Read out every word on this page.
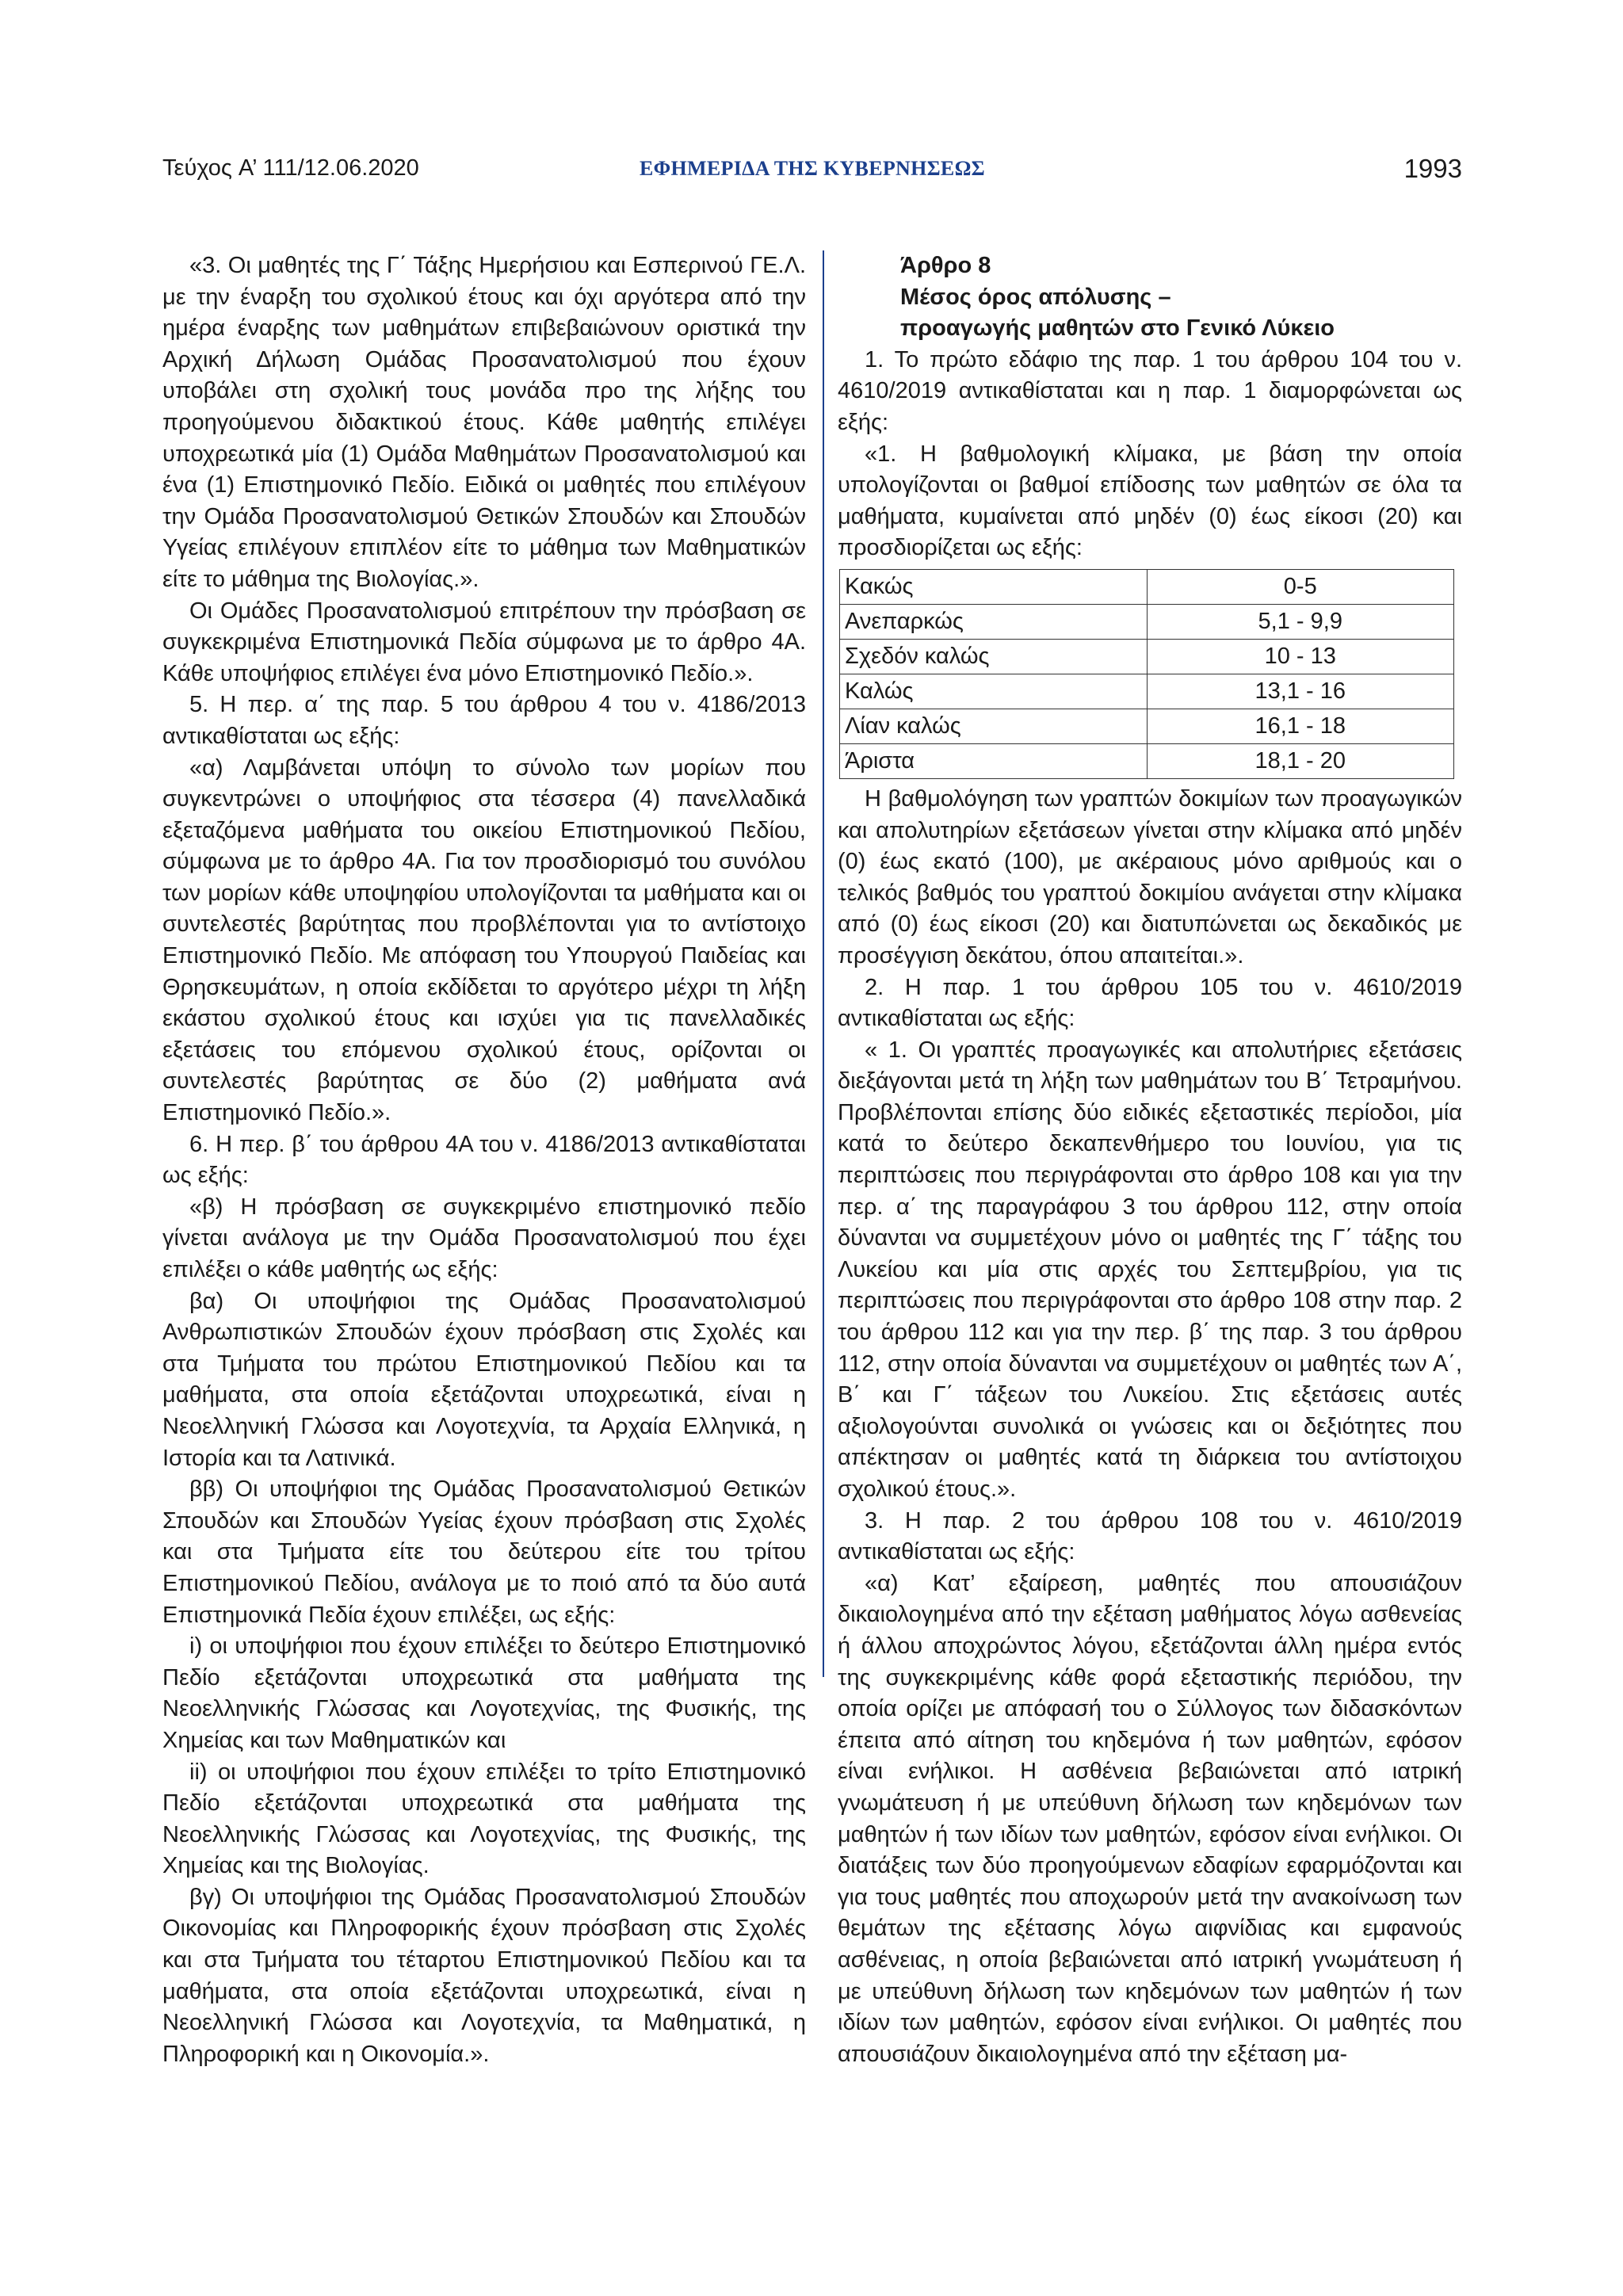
Τεύχος A’ 111/12.06.2020	ΕΦΗΜΕΡΙΔΑ ΤΗΣ ΚΥΒΕΡΝΗΣΕΩΣ	1993

«3. Οι μαθητές της Γ΄ Τάξης Ημερήσιου και Εσπερινού ΓΕ.Λ. με την έναρξη του σχολικού έτους και όχι αργότερα από την ημέρα έναρξης των μαθημάτων επιβεβαιώνουν οριστικά την Αρχική Δήλωση Ομάδας Προσανατολισμού που έχουν υποβάλει στη σχολική τους μονάδα προ της λήξης του προηγούμενου διδακτικού έτους. Κάθε μαθητής επιλέγει υποχρεωτικά μία (1) Ομάδα Μαθημάτων Προσανατολισμού και ένα (1) Επιστημονικό Πεδίο. Ειδικά οι μαθητές που επιλέγουν την Ομάδα Προσανατολισμού Θετικών Σπουδών και Σπουδών Υγείας επιλέγουν επιπλέον είτε το μάθημα των Μαθηματικών είτε το μάθημα της Βιολογίας.».

Οι Ομάδες Προσανατολισμού επιτρέπουν την πρόσβαση σε συγκεκριμένα Επιστημονικά Πεδία σύμφωνα με το άρθρο 4Α. Κάθε υποψήφιος επιλέγει ένα μόνο Επιστημονικό Πεδίο.».

5. Η περ. α΄ της παρ. 5 του άρθρου 4 του ν. 4186/2013 αντικαθίσταται ως εξής:

«α) Λαμβάνεται υπόψη το σύνολο των μορίων που συγκεντρώνει ο υποψήφιος στα τέσσερα (4) πανελλαδικά εξεταζόμενα μαθήματα του οικείου Επιστημονικού Πεδίου, σύμφωνα με το άρθρο 4Α. Για τον προσδιορισμό του συνόλου των μορίων κάθε υποψηφίου υπολογίζονται τα μαθήματα και οι συντελεστές βαρύτητας που προβλέπονται για το αντίστοιχο Επιστημονικό Πεδίο. Με απόφαση του Υπουργού Παιδείας και Θρησκευμάτων, η οποία εκδίδεται το αργότερο μέχρι τη λήξη εκάστου σχολικού έτους και ισχύει για τις πανελλαδικές εξετάσεις του επόμενου σχολικού έτους, ορίζονται οι συντελεστές βαρύτητας σε δύο (2) μαθήματα ανά Επιστημονικό Πεδίο.».

6. Η περ. β΄ του άρθρου 4Α του ν. 4186/2013 αντικαθίσταται ως εξής:

«β) Η πρόσβαση σε συγκεκριμένο επιστημονικό πεδίο γίνεται ανάλογα με την Ομάδα Προσανατολισμού που έχει επιλέξει ο κάθε μαθητής ως εξής:

βα) Οι υποψήφιοι της Ομάδας Προσανατολισμού Ανθρωπιστικών Σπουδών έχουν πρόσβαση στις Σχολές και στα Τμήματα του πρώτου Επιστημονικού Πεδίου και τα μαθήματα, στα οποία εξετάζονται υποχρεωτικά, είναι η Νεοελληνική Γλώσσα και Λογοτεχνία, τα Αρχαία Ελληνικά, η Ιστορία και τα Λατινικά.

ββ) Οι υποψήφιοι της Ομάδας Προσανατολισμού Θετικών Σπουδών και Σπουδών Υγείας έχουν πρόσβαση στις Σχολές και στα Τμήματα είτε του δεύτερου είτε του τρίτου Επιστημονικού Πεδίου, ανάλογα με το ποιό από τα δύο αυτά Επιστημονικά Πεδία έχουν επιλέξει, ως εξής:

i) οι υποψήφιοι που έχουν επιλέξει το δεύτερο Επιστημονικό Πεδίο εξετάζονται υποχρεωτικά στα μαθήματα της Νεοελληνικής Γλώσσας και Λογοτεχνίας, της Φυσικής, της Χημείας και των Μαθηματικών και

ii) οι υποψήφιοι που έχουν επιλέξει το τρίτο Επιστημονικό Πεδίο εξετάζονται υποχρεωτικά στα μαθήματα της Νεοελληνικής Γλώσσας και Λογοτεχνίας, της Φυσικής, της Χημείας και της Βιολογίας.

βγ) Οι υποψήφιοι της Ομάδας Προσανατολισμού Σπουδών Οικονομίας και Πληροφορικής έχουν πρόσβαση στις Σχολές και στα Τμήματα του τέταρτου Επιστημονικού Πεδίου και τα μαθήματα, στα οποία εξετάζονται υποχρεωτικά, είναι η Νεοελληνική Γλώσσα και Λογοτεχνία, τα Μαθηματικά, η Πληροφορική και η Οικονομία.».

Άρθρο 8
Μέσος όρος απόλυσης –
προαγωγής μαθητών στο Γενικό Λύκειο

1. Το πρώτο εδάφιο της παρ. 1 του άρθρου 104 του ν. 4610/2019 αντικαθίσταται και η παρ. 1 διαμορφώνεται ως εξής:

«1. Η βαθμολογική κλίμακα, με βάση την οποία υπολογίζονται οι βαθμοί επίδοσης των μαθητών σε όλα τα μαθήματα, κυμαίνεται από μηδέν (0) έως είκοσι (20) και προσδιορίζεται ως εξής:

Κακώς	0-5
Ανεπαρκώς	5,1 - 9,9
Σχεδόν καλώς	10 - 13
Καλώς	13,1 - 16
Λίαν καλώς	16,1 - 18
Άριστα	18,1 - 20

Η βαθμολόγηση των γραπτών δοκιμίων των προαγωγικών και απολυτηρίων εξετάσεων γίνεται στην κλίμακα από μηδέν (0) έως εκατό (100), με ακέραιους μόνο αριθμούς και ο τελικός βαθμός του γραπτού δοκιμίου ανάγεται στην κλίμακα από (0) έως είκοσι (20) και διατυπώνεται ως δεκαδικός με προσέγγιση δεκάτου, όπου απαιτείται.».

2. Η παρ. 1 του άρθρου 105 του ν. 4610/2019 αντικαθίσταται ως εξής:

« 1. Οι γραπτές προαγωγικές και απολυτήριες εξετάσεις διεξάγονται μετά τη λήξη των μαθημάτων του Β΄ Τετραμήνου. Προβλέπονται επίσης δύο ειδικές εξεταστικές περίοδοι, μία κατά το δεύτερο δεκαπενθήμερο του Ιουνίου, για τις περιπτώσεις που περιγράφονται στο άρθρο 108 και για την περ. α΄ της παραγράφου 3 του άρθρου 112, στην οποία δύνανται να συμμετέχουν μόνο οι μαθητές της Γ΄ τάξης του Λυκείου και μία στις αρχές του Σεπτεμβρίου, για τις περιπτώσεις που περιγράφονται στο άρθρο 108 στην παρ. 2 του άρθρου 112 και για την περ. β΄ της παρ. 3 του άρθρου 112, στην οποία δύνανται να συμμετέχουν οι μαθητές των Α΄, Β΄ και Γ΄ τάξεων του Λυκείου. Στις εξετάσεις αυτές αξιολογούνται συνολικά οι γνώσεις και οι δεξιότητες που απέκτησαν οι μαθητές κατά τη διάρκεια του αντίστοιχου σχολικού έτους.».

3. Η παρ. 2 του άρθρου 108 του ν. 4610/2019 αντικαθίσταται ως εξής:

«α) Κατ’ εξαίρεση, μαθητές που απουσιάζουν δικαιολογημένα από την εξέταση μαθήματος λόγω ασθενείας ή άλλου αποχρώντος λόγου, εξετάζονται άλλη ημέρα εντός της συγκεκριμένης κάθε φορά εξεταστικής περιόδου, την οποία ορίζει με απόφασή του ο Σύλλογος των διδασκόντων έπειτα από αίτηση του κηδεμόνα ή των μαθητών, εφόσον είναι ενήλικοι. Η ασθένεια βεβαιώνεται από ιατρική γνωμάτευση ή με υπεύθυνη δήλωση των κηδεμόνων των μαθητών ή των ιδίων των μαθητών, εφόσον είναι ενήλικοι. Οι διατάξεις των δύο προηγούμενων εδαφίων εφαρμόζονται και για τους μαθητές που αποχωρούν μετά την ανακοίνωση των θεμάτων της εξέτασης λόγω αιφνίδιας και εμφανούς ασθένειας, η οποία βεβαιώνεται από ιατρική γνωμάτευση ή με υπεύθυνη δήλωση των κηδεμόνων των μαθητών ή των ιδίων των μαθητών, εφόσον είναι ενήλικοι. Οι μαθητές που απουσιάζουν δικαιολογημένα από την εξέταση μα-
